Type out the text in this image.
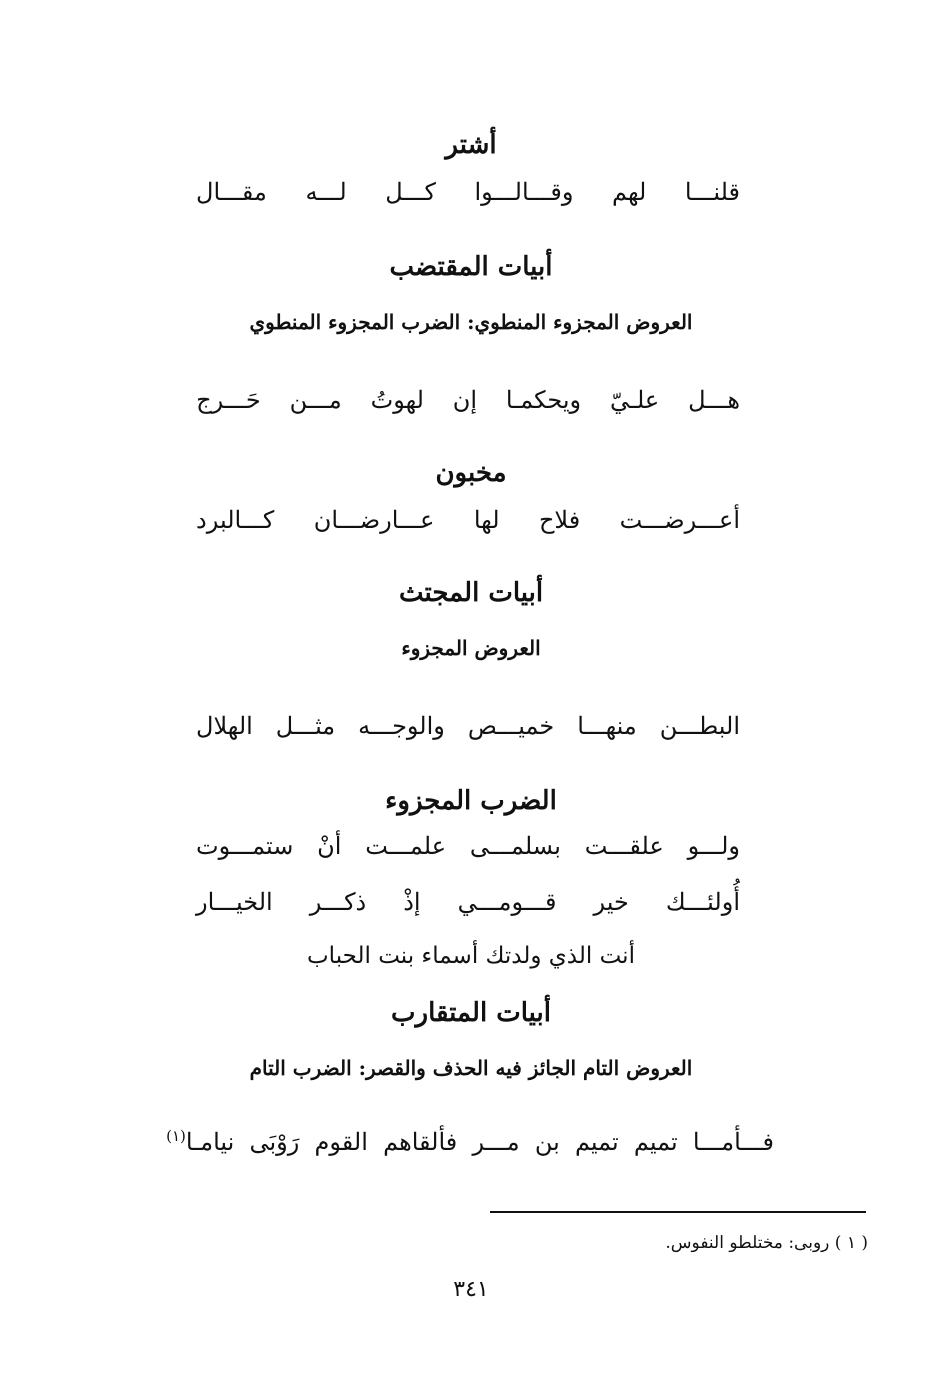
أشتر
قلنـــا
لهم
وقـــالـــوا
كـــل
لـــه
مقـــال
أبيات المقتضب
العروض المجزوء المنطوي: الضرب المجزوء المنطوي
هـــل
علـيّ
ويحكمـا
إن
لهوتُ
مـــن
حَـــرج
مخبون
أعـــرضـــت
فلاح
لها
عـــارضـــان
كـــالبرد
أبيات المجتث
العروض المجزوء
البطـــن
منهـــا
خميـــص
والوجـــه
مثـــل
الهلال
الضرب المجزوء
ولـــو
علقـــت
بسلمـــى
علمـــت
أنْ
ستمـــوت
أُولئـــك
خير
قـــومـــي
إذْ
ذكـــر
الخيـــار
أنت الذي ولدتك أسماء بنت الحباب
أبيات المتقارب
العروض التام الجائز فيه الحذف والقصر: الضرب التام
فـــأمـــا
تميم
تميم
بن
مـــر
فألقاهم
القوم
رَوْبَى
نيامـا(١)
( ١ ) روبى: مختلطو النفوس.
٣٤١
